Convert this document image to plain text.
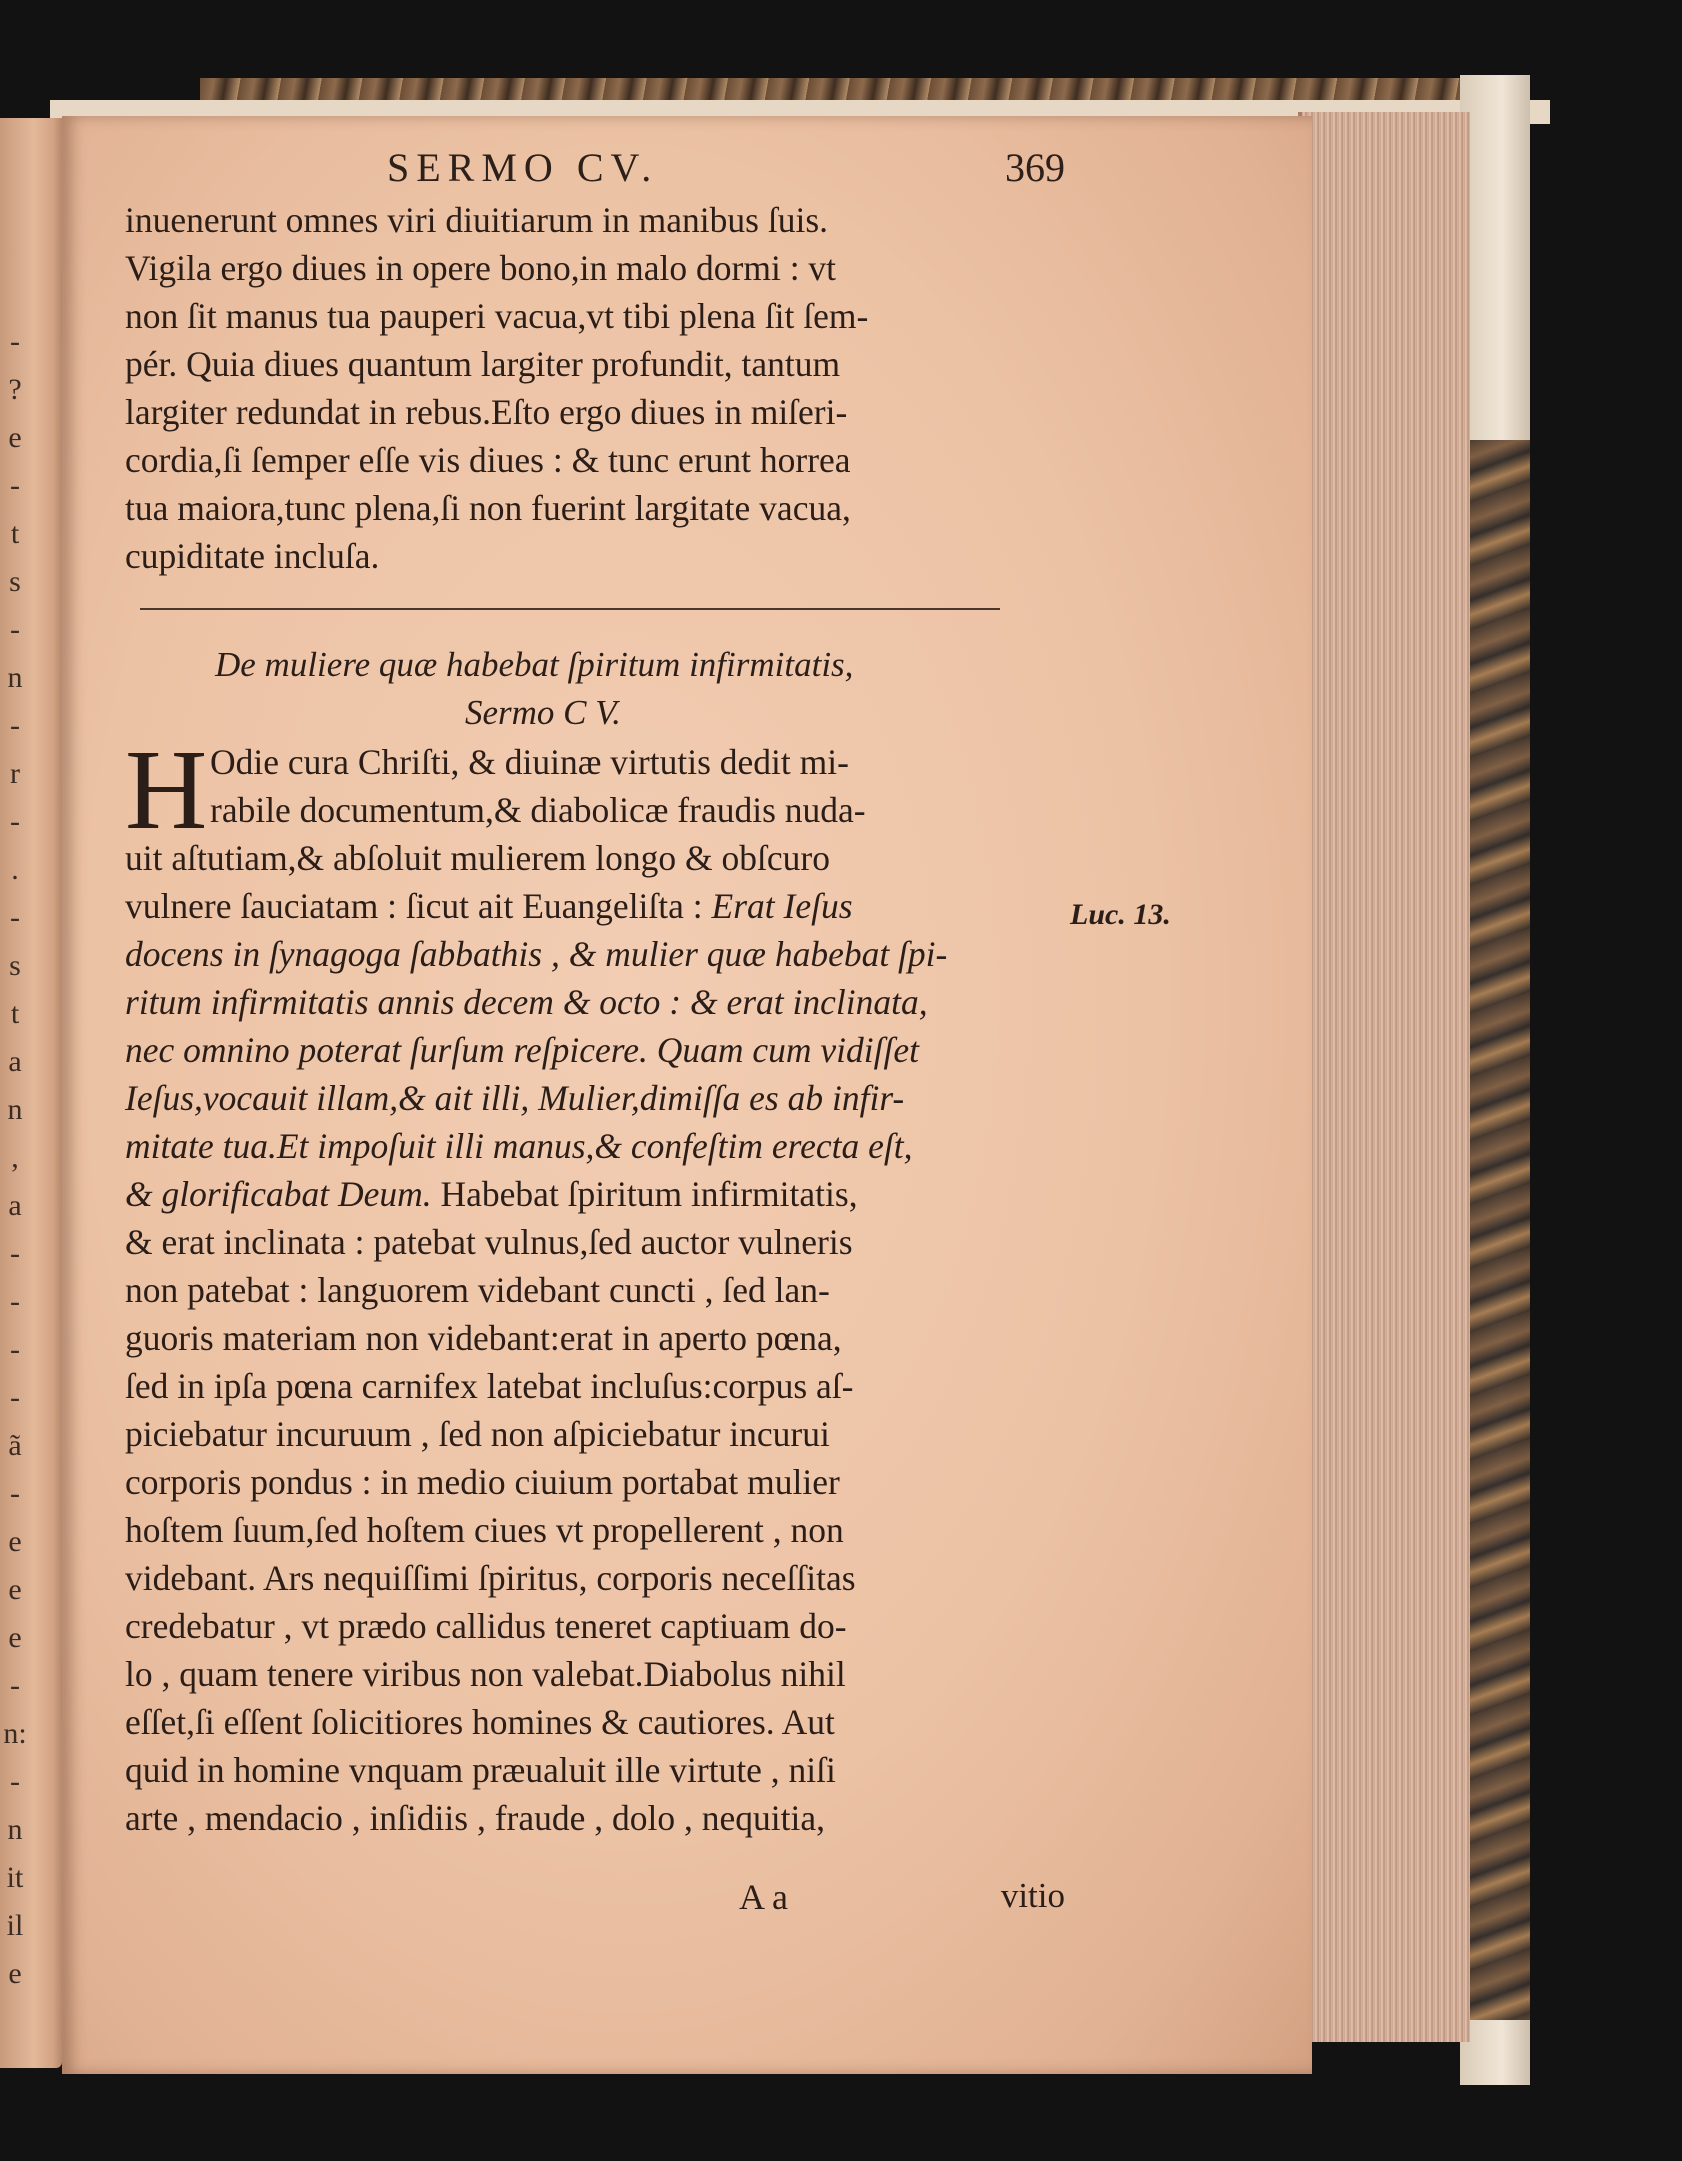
-
?
e
-
t
s
-
n
-
r
-
.
-
s
t
a
n
,
a
-
-
-
-
ã
-
e
e
e
-
n:
-
n
it
il
e
SERMO CV.	369
inuenerunt omnes viri diuitiarum in manibus ſuis.
Vigila ergo diues in opere bono,in malo dormi : vt
non ſit manus tua pauperi vacua,vt tibi plena ſit ſem-
pér. Quia diues quantum largiter profundit, tantum
largiter redundat in rebus.Eſto ergo diues in miſeri-
cordia,ſi ſemper eſſe vis diues : & tunc erunt horrea
tua maiora,tunc plena,ſi non fuerint largitate vacua,
cupiditate incluſa.
De muliere quæ habebat ſpiritum infirmitatis,
Sermo C V.
H Odie cura Chriſti, & diuinæ virtutis dedit mi-
rabile documentum,& diabolicæ fraudis nuda-
uit aſtutiam,& abſoluit mulierem longo & obſcuro
vulnere ſauciatam : ſicut ait Euangeliſta : Erat Ieſus
docens in ſynagoga ſabbathis , & mulier quæ habebat ſpi-
ritum infirmitatis annis decem & octo : & erat inclinata,
nec omnino poterat ſurſum reſpicere. Quam cum vidiſſet
Ieſus,vocauit illam,& ait illi, Mulier,dimiſſa es ab infir-
mitate tua.Et impoſuit illi manus,& confeſtim erecta eſt,
& glorificabat Deum. Habebat ſpiritum infirmitatis,
& erat inclinata : patebat vulnus,ſed auctor vulneris
non patebat : languorem videbant cuncti , ſed lan-
guoris materiam non videbant:erat in aperto pœna,
ſed in ipſa pœna carnifex latebat incluſus:corpus aſ-
piciebatur incuruum , ſed non aſpiciebatur incurui
corporis pondus : in medio ciuium portabat mulier
hoſtem ſuum,ſed hoſtem ciues vt propellerent , non
videbant. Ars nequiſſimi ſpiritus, corporis neceſſitas
credebatur , vt prædo callidus teneret captiuam do-
lo , quam tenere viribus non valebat.Diabolus nihil
eſſet,ſi eſſent ſolicitiores homines & cautiores. Aut
quid in homine vnquam præualuit ille virtute , niſi
arte , mendacio , inſidiis , fraude , dolo , nequitia,
Luc. 13.
A a	vitio
